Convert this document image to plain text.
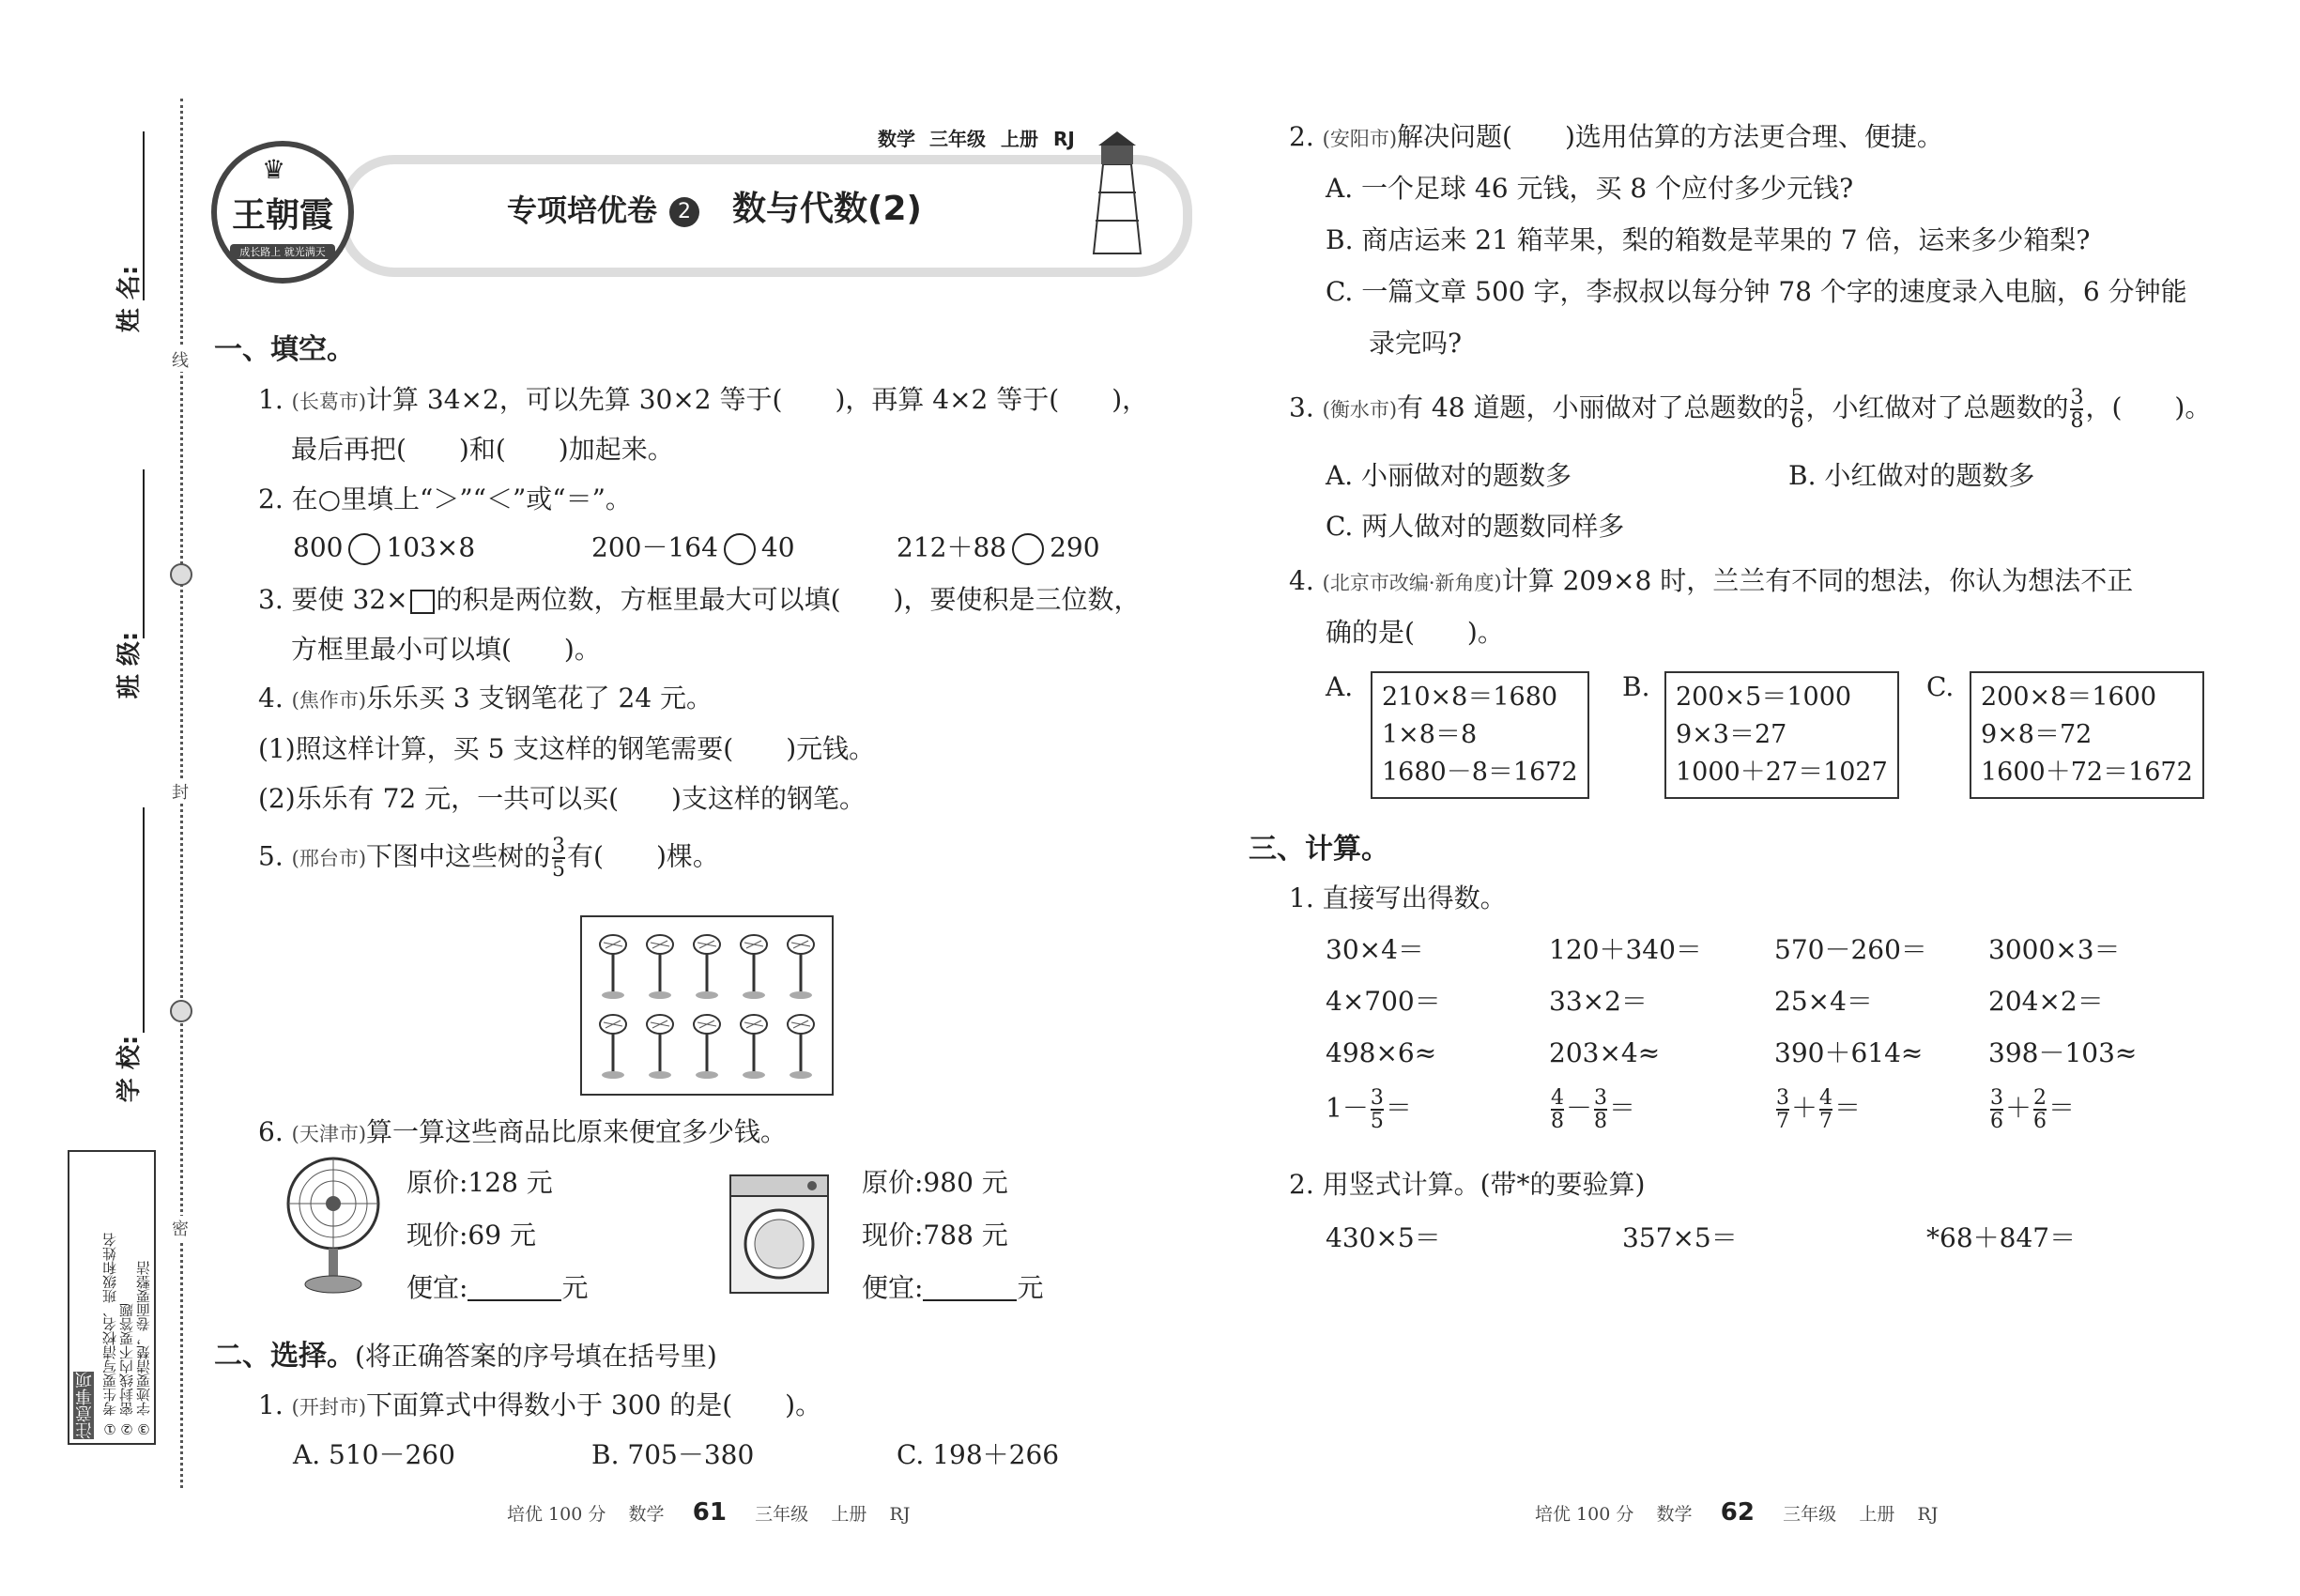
姓 名:
班 级:
学 校:
线
封
密
注意事项 ① 考生要写清校名、班级和姓名 ② 密封线内不要答题 ③ 字迹要清楚，卷面要整洁
♛
王朝霞
成长路上 就光满天
数学 三年级 上册 RJ
专项培优卷 2 数与代数(2)
一、填空。
1. (长葛市)计算 34×2，可以先算 30×2 等于(　　)，再算 4×2 等于(　　)，
最后再把(　　)和(　　)加起来。
2. 在○里填上“＞”“＜”或“＝”。
800 103×8	200－164 40	212＋88 290
3. 要使 32× 的积是两位数，方框里最大可以填(　　)，要使积是三位数，
方框里最小可以填(　　)。
4. (焦作市)乐乐买 3 支钢笔花了 24 元。
(1)照这样计算，买 5 支这样的钢笔需要(　　)元钱。
(2)乐乐有 72 元，一共可以买(　　)支这样的钢笔。
5. (邢台市)下图中这些树的 $\frac{3}{5}$ 有(　　)棵。
6. (天津市)算一算这些商品比原来便宜多少钱。
原价:128 元
现价:69 元
便宜:	元
原价:980 元
现价:788 元
便宜:	元
二、选择。(将正确答案的序号填在括号里)
1. (开封市)下面算式中得数小于 300 的是(　　)。
A. 510－260	B. 705－380	C. 198＋266
培优 100 分 数学 61 三年级 上册 RJ
2. (安阳市)解决问题(　　)选用估算的方法更合理、便捷。
A. 一个足球 46 元钱，买 8 个应付多少元钱?
B. 商店运来 21 箱苹果，梨的箱数是苹果的 7 倍，运来多少箱梨?
C. 一篇文章 500 字，李叔叔以每分钟 78 个字的速度录入电脑，6 分钟能
录完吗?
3. (衡水市)有 48 道题，小丽做对了总题数的 $\frac{5}{6}$ ，小红做对了总题数的 $\frac{3}{8}$ ，(　　)。
A. 小丽做对的题数多	B. 小红做对的题数多
C. 两人做对的题数同样多
4. (北京市改编·新角度)计算 209×8 时，兰兰有不同的想法，你认为想法不正
确的是(　　)。
A. 210×8＝1680
1×8＝8
1680－8＝1672
B. 200×5＝1000
9×3＝27
1000＋27＝1027
C. 200×8＝1600
9×8＝72
1600＋72＝1672
三、计算。
1. 直接写出得数。
30×4＝	120＋340＝	570－260＝ 3000×3＝
4×700＝	33×2＝	25×4＝	204×2＝
498×6≈	203×4≈	390＋614≈ 398－103≈
$1- \frac{3}{5}$ ＝	$\frac{4}{8} - \frac{3}{8}$ ＝	$\frac{3}{7} + \frac{4}{7}$ ＝	$\frac{3}{6} + \frac{2}{6}$ ＝
2. 用竖式计算。(带*的要验算)
430×5＝	357×5＝	*68＋847＝
培优 100 分 数学 62 三年级 上册 RJ
